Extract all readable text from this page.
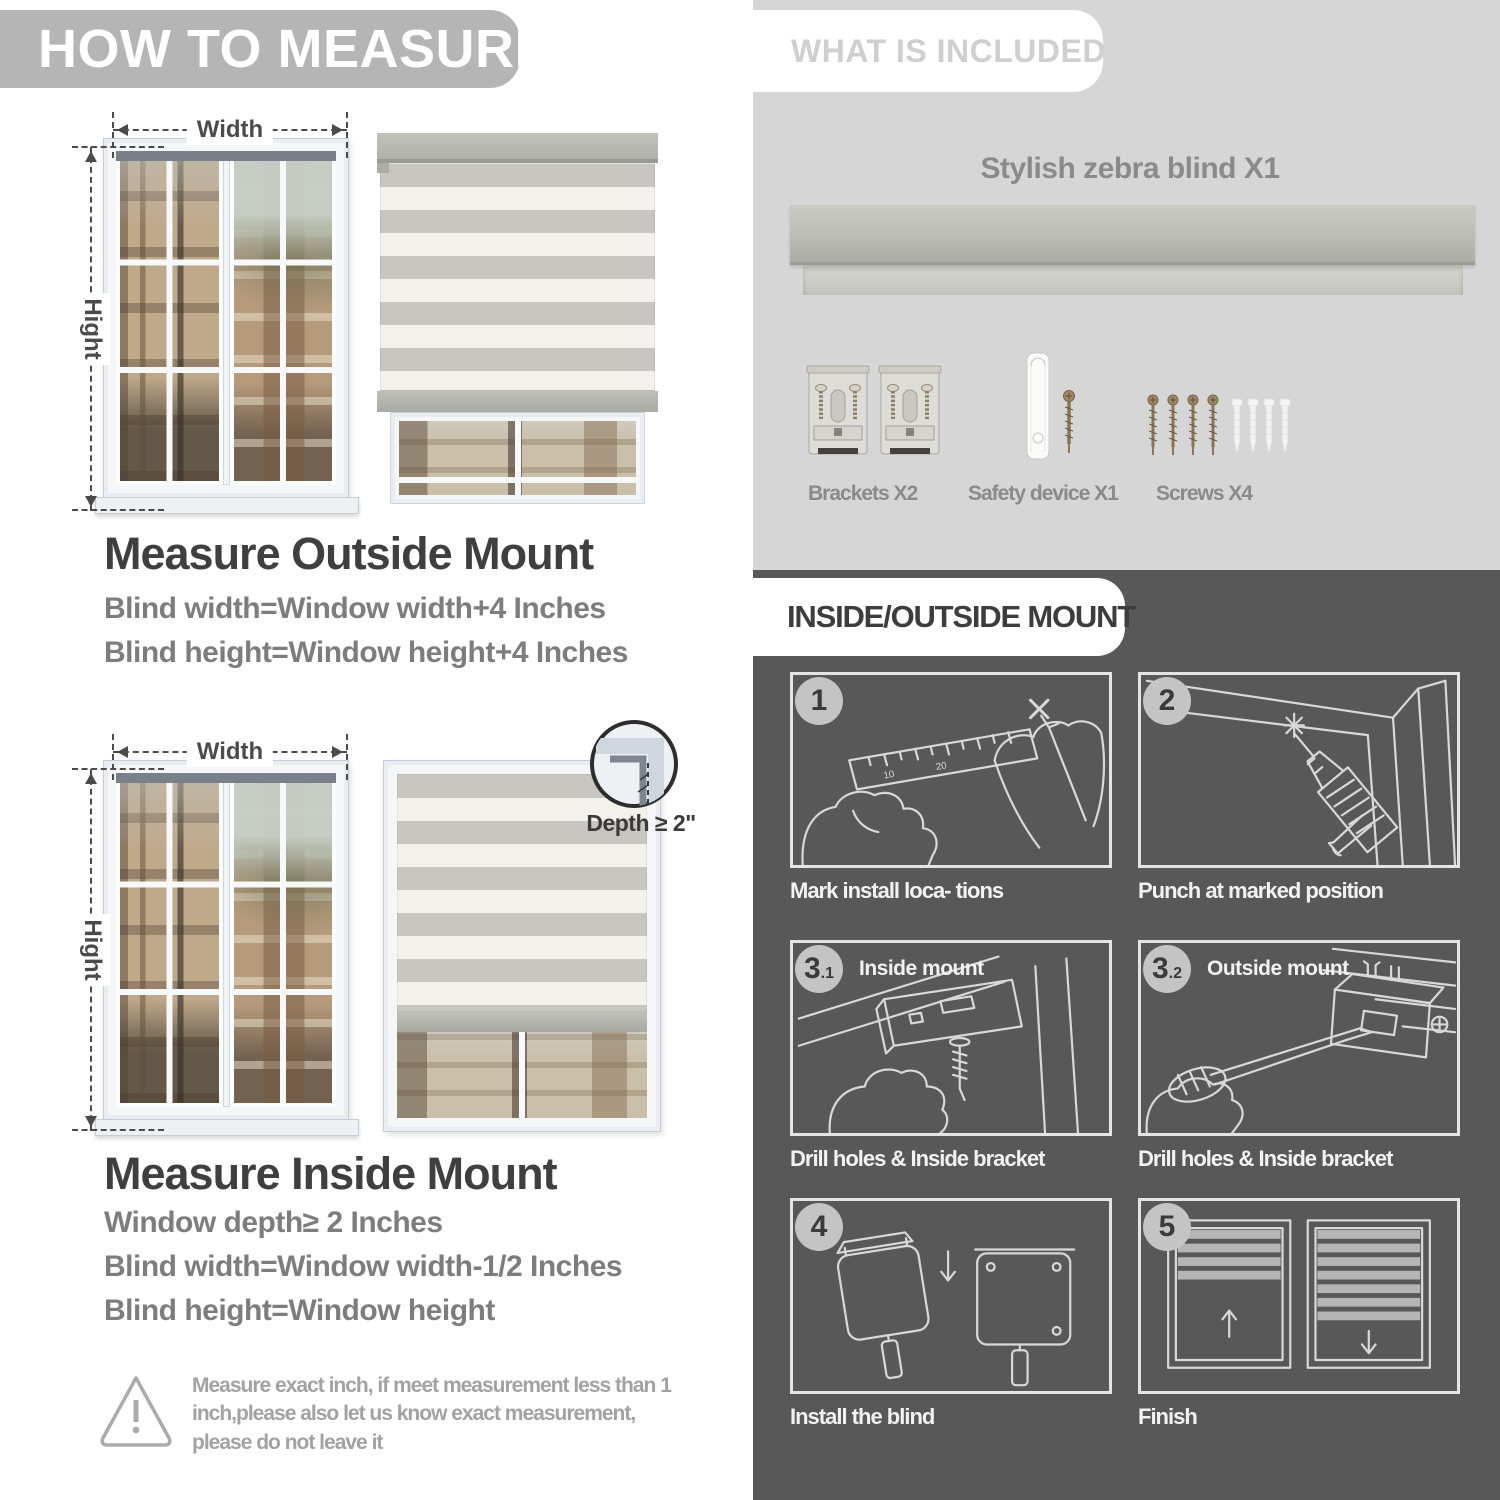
HOW TO MEASURE
Width
Hight
Measure Outside Mount
Blind width=Window width+4 Inches
Blind height=Window height+4 Inches
Width
Hight
Depth ≥ 2"
Measure Inside Mount
Window depth≥ 2 Inches
Blind width=Window width-1/2 Inches
Blind height=Window height
Measure exact inch, if meet measurement less than 1 inch,please also let us know exact measurement, please do not leave it
WHAT IS INCLUDED
Stylish zebra blind X1
Brackets X2 Safety device X1 Screws X4
INSIDE/OUTSIDE MOUNT
10
20
1
Mark install loca- tions
2
Punch at marked position
3 .1 Inside mount
Drill holes & Inside bracket
3 .2 Outside mount
Drill holes & Inside bracket
4
Install the blind
5
Finish
